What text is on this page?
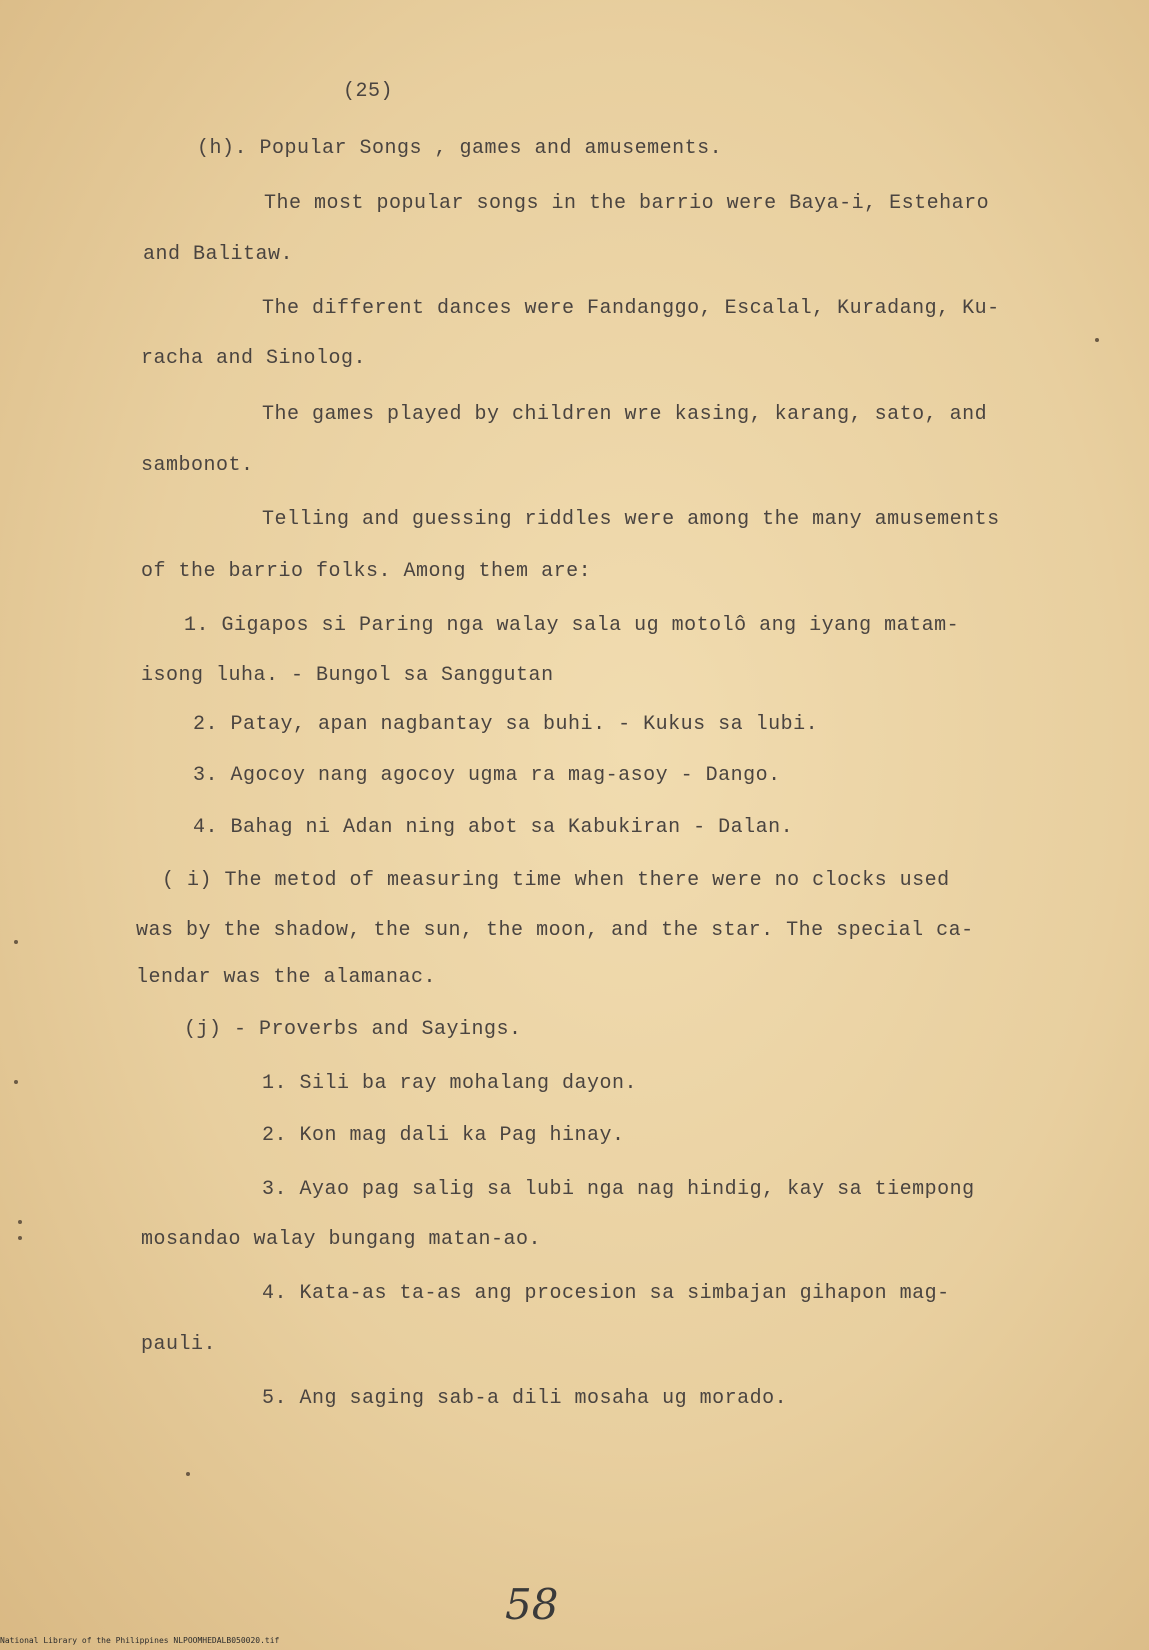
(25)
(h). Popular Songs , games and amusements.
The most popular songs in the barrio were Baya-i, Esteharo
and Balitaw.
The different dances were Fandanggo, Escalal, Kuradang, Ku-
racha and Sinolog.
The games played by children wre kasing, karang, sato, and
sambonot.
Telling and guessing riddles were among the many amusements
of the barrio folks. Among them are:
1. Gigapos si Paring nga walay sala ug motolô ang iyang matam-
isong luha. - Bungol sa Sanggutan
2. Patay, apan nagbantay sa buhi. - Kukus sa lubi.
3. Agocoy nang agocoy ugma ra mag-asoy - Dango.
4. Bahag ni Adan ning abot sa Kabukiran - Dalan.
( i) The metod of measuring time when there were no clocks used
was by the shadow, the sun, the moon, and the star. The special ca-
lendar was the alamanac.
(j) - Proverbs and Sayings.
1. Sili ba ray mohalang dayon.
2. Kon mag dali ka Pag hinay.
3. Ayao pag salig sa lubi nga nag hindig, kay sa tiempong
mosandao walay bungang matan-ao.
4. Kata-as ta-as ang procesion sa simbajan gihapon mag-
pauli.
5. Ang saging sab-a dili mosaha ug morado.
58
National Library of the Philippines NLPOOMHEDALB050020.tif
